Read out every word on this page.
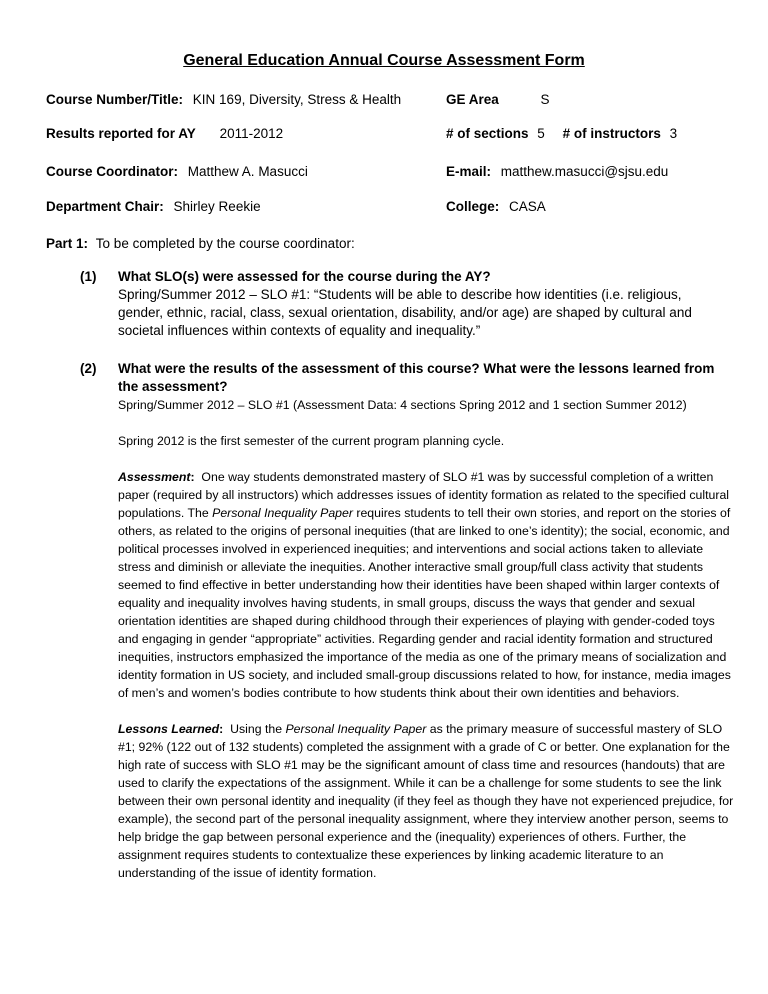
General Education Annual Course Assessment Form
Course Number/Title: KIN 169, Diversity, Stress & Health	GE Area	S
Results reported for AY 2011-2012	# of sections 5 # of instructors 3
Course Coordinator: Matthew A. Masucci	E-mail: matthew.masucci@sjsu.edu
Department Chair: Shirley Reekie	College: CASA
Part 1: To be completed by the course coordinator:
(1)	What SLO(s) were assessed for the course during the AY?
Spring/Summer 2012 – SLO #1: “Students will be able to describe how identities (i.e. religious, gender, ethnic, racial, class, sexual orientation, disability, and/or age) are shaped by cultural and societal influences within contexts of equality and inequality.”
(2)	What were the results of the assessment of this course? What were the lessons learned from the assessment?

Spring/Summer 2012 – SLO #1 (Assessment Data: 4 sections Spring 2012 and 1 section Summer 2012)

Spring 2012 is the first semester of the current program planning cycle.

Assessment: One way students demonstrated mastery of SLO #1 was by successful completion of a written paper (required by all instructors) which addresses issues of identity formation as related to the specified cultural populations. The Personal Inequality Paper requires students to tell their own stories, and report on the stories of others, as related to the origins of personal inequities (that are linked to one’s identity); the social, economic, and political processes involved in experienced inequities; and interventions and social actions taken to alleviate stress and diminish or alleviate the inequities. Another interactive small group/full class activity that students seemed to find effective in better understanding how their identities have been shaped within larger contexts of equality and inequality involves having students, in small groups, discuss the ways that gender and sexual orientation identities are shaped during childhood through their experiences of playing with gender-coded toys and engaging in gender “appropriate” activities. Regarding gender and racial identity formation and structured inequities, instructors emphasized the importance of the media as one of the primary means of socialization and identity formation in US society, and included small-group discussions related to how, for instance, media images of men’s and women’s bodies contribute to how students think about their own identities and behaviors.

Lessons Learned: Using the Personal Inequality Paper as the primary measure of successful mastery of SLO #1; 92% (122 out of 132 students) completed the assignment with a grade of C or better. One explanation for the high rate of success with SLO #1 may be the significant amount of class time and resources (handouts) that are used to clarify the expectations of the assignment. While it can be a challenge for some students to see the link between their own personal identity and inequality (if they feel as though they have not experienced prejudice, for example), the second part of the personal inequality assignment, where they interview another person, seems to help bridge the gap between personal experience and the (inequality) experiences of others. Further, the assignment requires students to contextualize these experiences by linking academic literature to an understanding of the issue of identity formation.
